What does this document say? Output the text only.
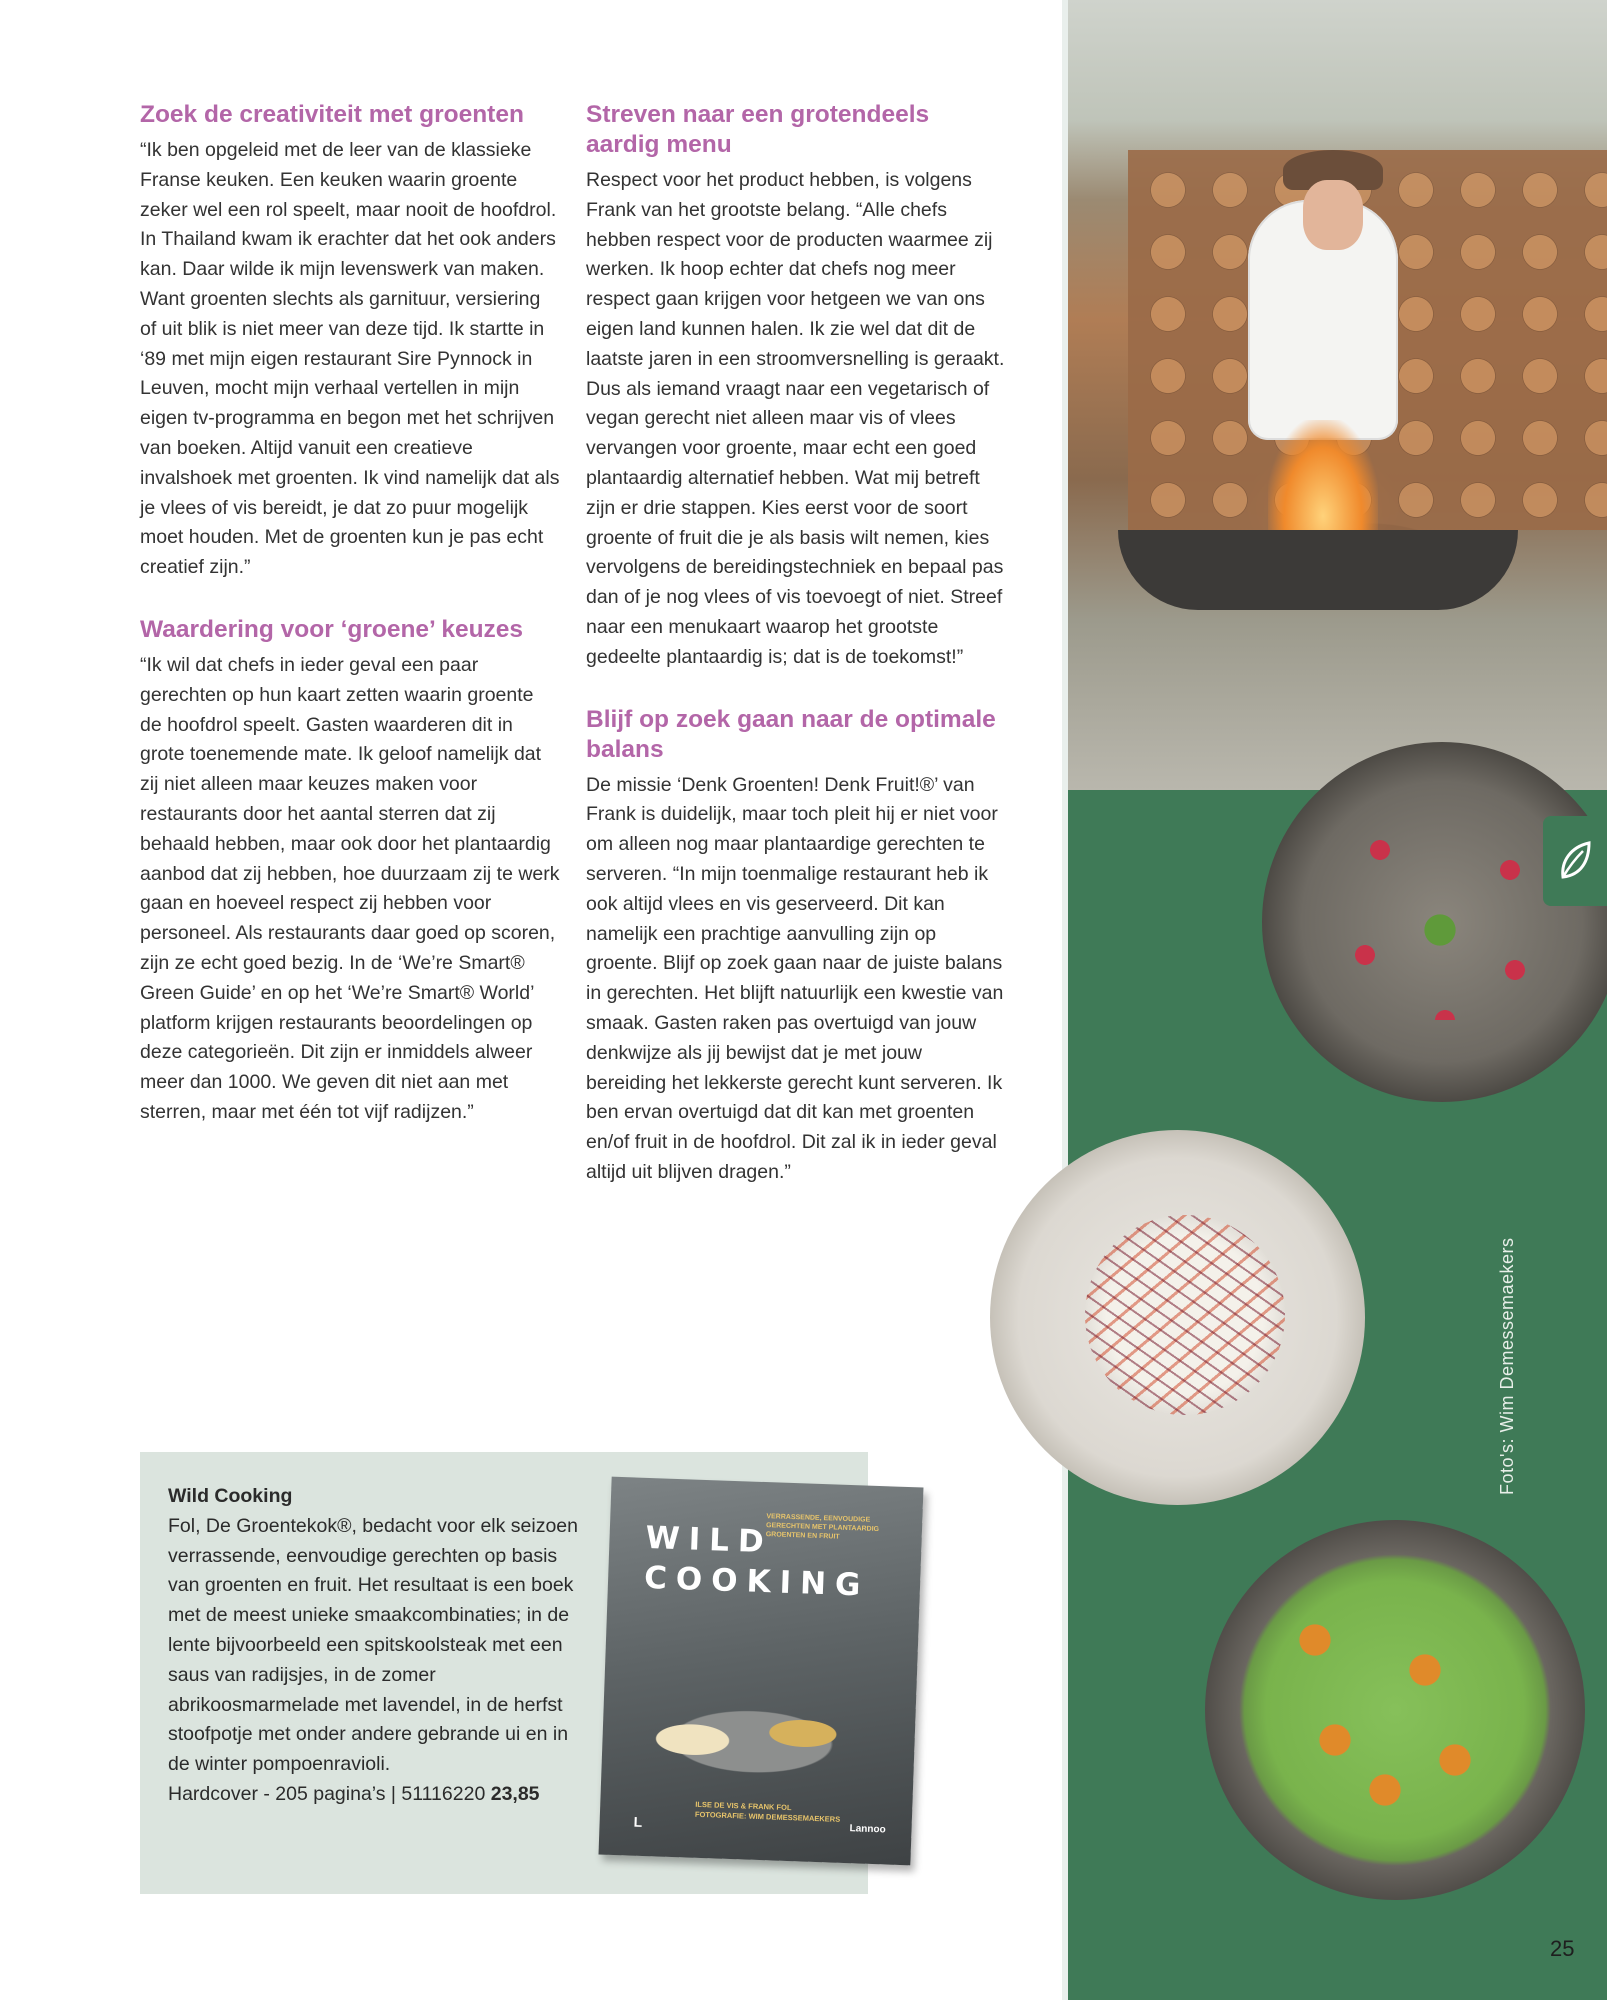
Zoek de creativiteit met groenten

“Ik ben opgeleid met de leer van de klassieke Franse keuken. Een keuken waarin groente zeker wel een rol speelt, maar nooit de hoofdrol. In Thailand kwam ik erachter dat het ook anders kan. Daar wilde ik mijn levenswerk van maken. Want groenten slechts als garnituur, versiering of uit blik is niet meer van deze tijd. Ik startte in ‘89 met mijn eigen restaurant Sire Pynnock in Leuven, mocht mijn verhaal vertellen in mijn eigen tv-programma en begon met het schrijven van boeken. Altijd vanuit een creatieve invalshoek met groenten. Ik vind namelijk dat als je vlees of vis bereidt, je dat zo puur mogelijk moet houden. Met de groenten kun je pas echt creatief zijn.”

Waardering voor ‘groene’ keuzes

“Ik wil dat chefs in ieder geval een paar gerechten op hun kaart zetten waarin groente de hoofdrol speelt. Gasten waarderen dit in grote toenemende mate. Ik geloof namelijk dat zij niet alleen maar keuzes maken voor restaurants door het aantal sterren dat zij behaald hebben, maar ook door het plantaardig aanbod dat zij hebben, hoe duurzaam zij te werk gaan en hoeveel respect zij hebben voor personeel. Als restaurants daar goed op scoren, zijn ze echt goed bezig. In de ‘We’re Smart® Green Guide’ en op het ‘We’re Smart® World’ platform krijgen restaurants beoordelingen op deze categorieën. Dit zijn er inmiddels alweer meer dan 1000. We geven dit niet aan met sterren, maar met één tot vijf radijzen.”

Streven naar een grotendeels aardig menu

Respect voor het product hebben, is volgens Frank van het grootste belang. “Alle chefs hebben respect voor de producten waarmee zij werken. Ik hoop echter dat chefs nog meer respect gaan krijgen voor hetgeen we van ons eigen land kunnen halen. Ik zie wel dat dit de laatste jaren in een stroomversnelling is geraakt. Dus als iemand vraagt naar een vegetarisch of vegan gerecht niet alleen maar vis of vlees vervangen voor groente, maar echt een goed plantaardig alternatief hebben. Wat mij betreft zijn er drie stappen. Kies eerst voor de soort groente of fruit die je als basis wilt nemen, kies vervolgens de bereidingstechniek en bepaal pas dan of je nog vlees of vis toevoegt of niet. Streef naar een menukaart waarop het grootste gedeelte plantaardig is; dat is de toekomst!”

Blijf op zoek gaan naar de optimale balans

De missie ‘Denk Groenten! Denk Fruit!®’ van Frank is duidelijk, maar toch pleit hij er niet voor om alleen nog maar plantaardige gerechten te serveren. “In mijn toenmalige restaurant heb ik ook altijd vlees en vis geserveerd. Dit kan namelijk een prachtige aanvulling zijn op groente. Blijf op zoek gaan naar de juiste balans in gerechten. Het blijft natuurlijk een kwestie van smaak. Gasten raken pas overtuigd van jouw denkwijze als jij bewijst dat je met jouw bereiding het lekkerste gerecht kunt serveren. Ik ben ervan overtuigd dat dit kan met groenten en/of fruit in de hoofdrol. Dit zal ik in ieder geval altijd uit blijven dragen.”

Foto's: Wim Demessemaekers
Wild Cooking
Fol, De Groentekok®, bedacht voor elk seizoen verrassende, eenvoudige gerechten op basis van groenten en fruit. Het resultaat is een boek met de meest unieke smaakcombinaties; in de lente bijvoorbeeld een spitskoolsteak met een saus van radijsjes, in de zomer abrikoosmarmelade met lavendel, in de herfst stoofpotje met onder andere gebrande ui en in de winter pompoenravioli.
Hardcover - 205 pagina’s | 51116220 23,85
WILD
COOKING
VERRASSENDE, EENVOUDIGE GERECHTEN MET PLANTAARDIG GROENTEN EN FRUIT
ILSE DE VIS & FRANK FOL
FOTOGRAFIE: WIM DEMESSEMAEKERS
L	Lannoo
25
